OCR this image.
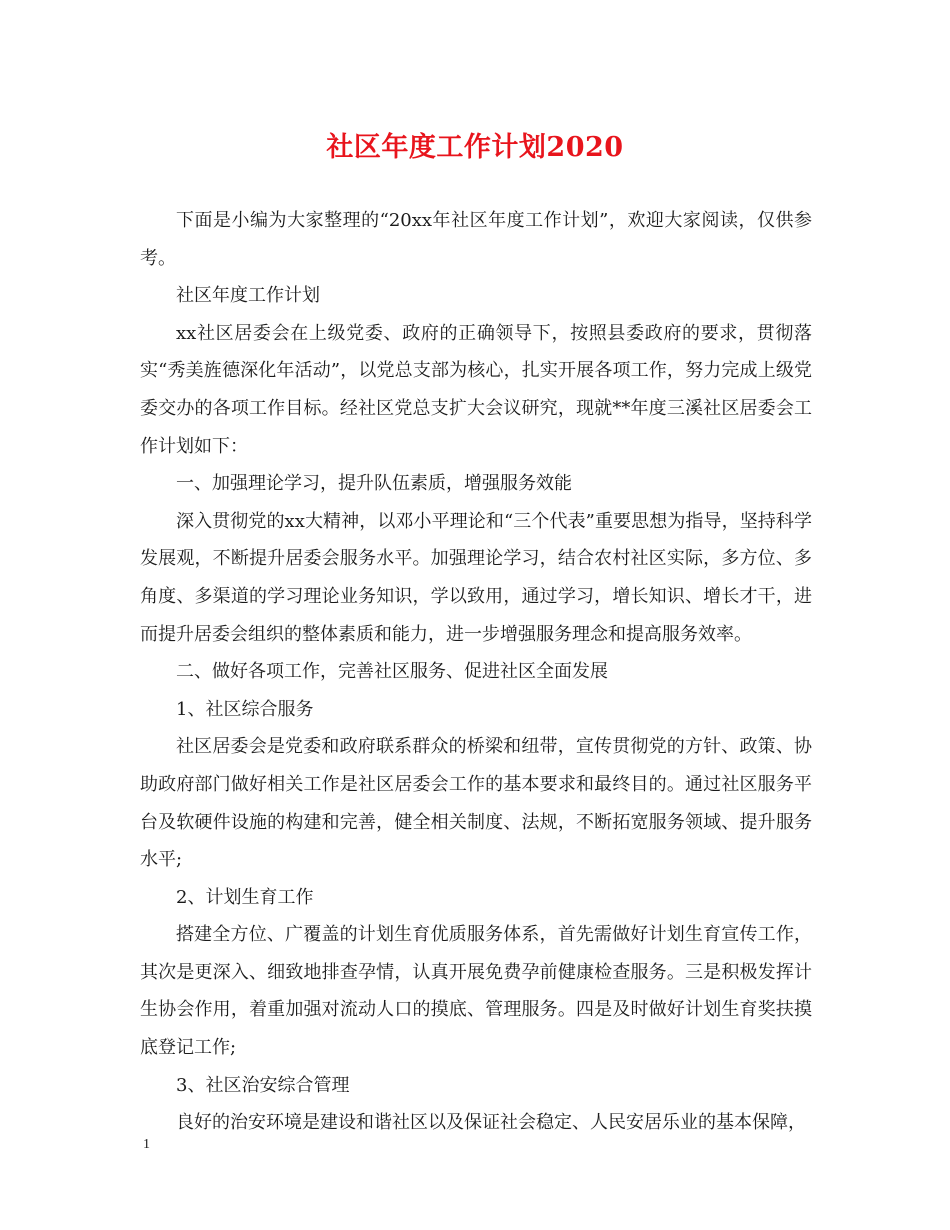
社区年度工作计划2020

下面是小编为大家整理的“20xx年社区年度工作计划”，欢迎大家阅读，仅供参考。

社区年度工作计划

xx社区居委会在上级党委、政府的正确领导下，按照县委政府的要求，贯彻落实“秀美旌德深化年活动”，以党总支部为核心，扎实开展各项工作，努力完成上级党委交办的各项工作目标。经社区党总支扩大会议研究，现就**年度三溪社区居委会工作计划如下：

一、加强理论学习，提升队伍素质，增强服务效能

深入贯彻党的xx大精神，以邓小平理论和“三个代表”重要思想为指导，坚持科学发展观，不断提升居委会服务水平。加强理论学习，结合农村社区实际，多方位、多角度、多渠道的学习理论业务知识，学以致用，通过学习，增长知识、增长才干，进而提升居委会组织的整体素质和能力，进一步增强服务理念和提高服务效率。

二、做好各项工作，完善社区服务、促进社区全面发展

1、社区综合服务

社区居委会是党委和政府联系群众的桥梁和纽带，宣传贯彻党的方针、政策、协助政府部门做好相关工作是社区居委会工作的基本要求和最终目的。通过社区服务平台及软硬件设施的构建和完善，健全相关制度、法规，不断拓宽服务领域、提升服务水平;

2、计划生育工作

搭建全方位、广覆盖的计划生育优质服务体系，首先需做好计划生育宣传工作，其次是更深入、细致地排查孕情，认真开展免费孕前健康检查服务。三是积极发挥计生协会作用，着重加强对流动人口的摸底、管理服务。四是及时做好计划生育奖扶摸底登记工作;

3、社区治安综合管理

良好的治安环境是建设和谐社区以及保证社会稳定、人民安居乐业的基本保障，

1
